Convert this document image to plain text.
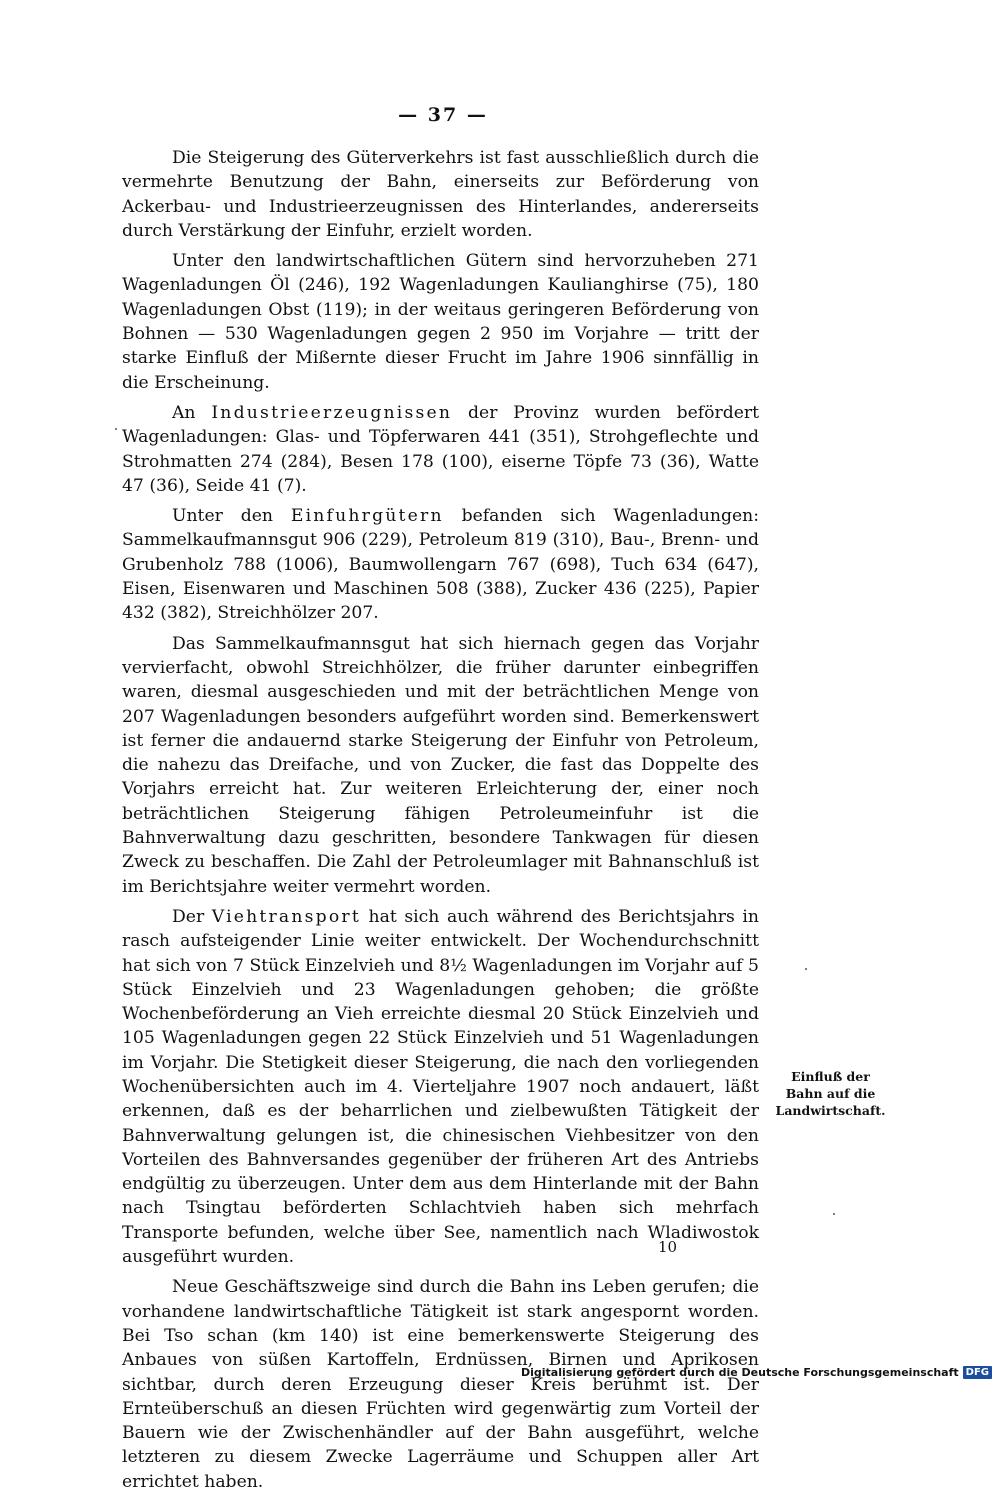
— 37 —

Die Steigerung des Güterverkehrs ist fast ausschließlich durch die vermehrte Benutzung der Bahn, einerseits zur Beförderung von Ackerbau- und Industrieerzeugnissen des Hinterlandes, andererseits durch Verstärkung der Einfuhr, erzielt worden.

Unter den landwirtschaftlichen Gütern sind hervorzuheben 271 Wagenladungen Öl (246), 192 Wagenladungen Kaulianghirse (75), 180 Wagenladungen Obst (119); in der weitaus geringeren Beförderung von Bohnen — 530 Wagenladungen gegen 2 950 im Vorjahre — tritt der starke Einfluß der Mißernte dieser Frucht im Jahre 1906 sinnfällig in die Erscheinung.

An Industrieerzeugnissen der Provinz wurden befördert Wagenladungen: Glas- und Töpferwaren 441 (351), Strohgeflechte und Strohmatten 274 (284), Besen 178 (100), eiserne Töpfe 73 (36), Watte 47 (36), Seide 41 (7).

Unter den Einfuhrgütern befanden sich Wagenladungen: Sammelkaufmannsgut 906 (229), Petroleum 819 (310), Bau-, Brenn- und Grubenholz 788 (1006), Baumwollengarn 767 (698), Tuch 634 (647), Eisen, Eisenwaren und Maschinen 508 (388), Zucker 436 (225), Papier 432 (382), Streichhölzer 207.

Das Sammelkaufmannsgut hat sich hiernach gegen das Vorjahr vervierfacht, obwohl Streichhölzer, die früher darunter einbegriffen waren, diesmal ausgeschieden und mit der beträchtlichen Menge von 207 Wagenladungen besonders aufgeführt worden sind. Bemerkenswert ist ferner die andauernd starke Steigerung der Einfuhr von Petroleum, die nahezu das Dreifache, und von Zucker, die fast das Doppelte des Vorjahrs erreicht hat. Zur weiteren Erleichterung der, einer noch beträchtlichen Steigerung fähigen Petroleumeinfuhr ist die Bahnverwaltung dazu geschritten, besondere Tankwagen für diesen Zweck zu beschaffen. Die Zahl der Petroleumlager mit Bahnanschluß ist im Berichtsjahre weiter vermehrt worden.

Der Viehtransport hat sich auch während des Berichtsjahrs in rasch aufsteigender Linie weiter entwickelt. Der Wochendurchschnitt hat sich von 7 Stück Einzelvieh und 8½ Wagenladungen im Vorjahr auf 5 Stück Einzelvieh und 23 Wagenladungen gehoben; die größte Wochenbeförderung an Vieh erreichte diesmal 20 Stück Einzelvieh und 105 Wagenladungen gegen 22 Stück Einzelvieh und 51 Wagenladungen im Vorjahr. Die Stetigkeit dieser Steigerung, die nach den vorliegenden Wochenübersichten auch im 4. Vierteljahre 1907 noch andauert, läßt erkennen, daß es der beharrlichen und zielbewußten Tätigkeit der Bahnverwaltung gelungen ist, die chinesischen Viehbesitzer von den Vorteilen des Bahnversandes gegenüber der früheren Art des Antriebs endgültig zu überzeugen. Unter dem aus dem Hinterlande mit der Bahn nach Tsingtau beförderten Schlachtvieh haben sich mehrfach Transporte befunden, welche über See, namentlich nach Wladiwostok ausgeführt wurden.

Neue Geschäftszweige sind durch die Bahn ins Leben gerufen; die vorhandene landwirtschaftliche Tätigkeit ist stark angespornt worden. Bei Tso schan (km 140) ist eine bemerkenswerte Steigerung des Anbaues von süßen Kartoffeln, Erdnüssen, Birnen und Aprikosen sichtbar, durch deren Erzeugung dieser Kreis berühmt ist. Der Ernteüberschuß an diesen Früchten wird gegenwärtig zum Vorteil der Bauern wie der Zwischenhändler auf der Bahn ausgeführt, welche letzteren zu diesem Zwecke Lagerräume und Schuppen aller Art errichtet haben.

Einfluß der Bahn auf die Landwirtschaft.
10
Digitalisierung gefördert durch die Deutsche Forschungsgemeinschaft DFG
